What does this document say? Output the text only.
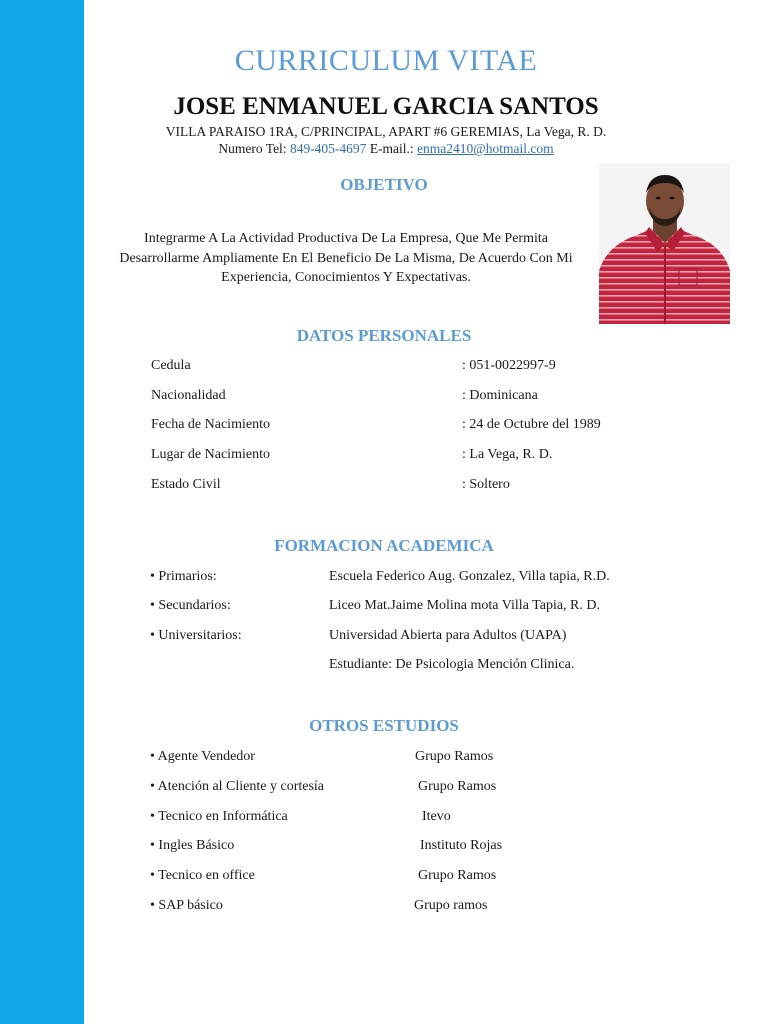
CURRICULUM VITAE
JOSE ENMANUEL GARCIA SANTOS
VILLA PARAISO 1RA, C/PRINCIPAL, APART #6 GEREMIAS, La Vega, R. D.
Numero Tel: 849-405-4697 E-mail.: enma2410@hotmail.com
OBJETIVO
Integrarme A La Actividad Productiva De La Empresa, Que Me Permita Desarrollarme Ampliamente En El Beneficio De La Misma, De Acuerdo Con Mi Experiencia, Conocimientos Y Expectativas.
DATOS PERSONALES
Cedula	: 051-0022997-9
Nacionalidad	: Dominicana
Fecha de Nacimiento	: 24 de Octubre del 1989
Lugar de Nacimiento	: La Vega, R. D.
Estado Civil	: Soltero
FORMACION ACADEMICA
• Primarios:	Escuela Federico Aug. Gonzalez, Villa tapia, R.D.
• Secundarios:	Liceo Mat.Jaime Molina mota Villa Tapia, R. D.
• Universitarios:	Universidad Abierta para Adultos (UAPA)
Estudiante: De Psicologia Mención Clinica.
OTROS ESTUDIOS
• Agente Vendedor	Grupo Ramos
• Atención al Cliente y cortesía	Grupo Ramos
• Tecnico en Informática	Itevo
• Ingles Básico	Instituto Rojas
• Tecnico en office	Grupo Ramos
• SAP básico	Grupo ramos
